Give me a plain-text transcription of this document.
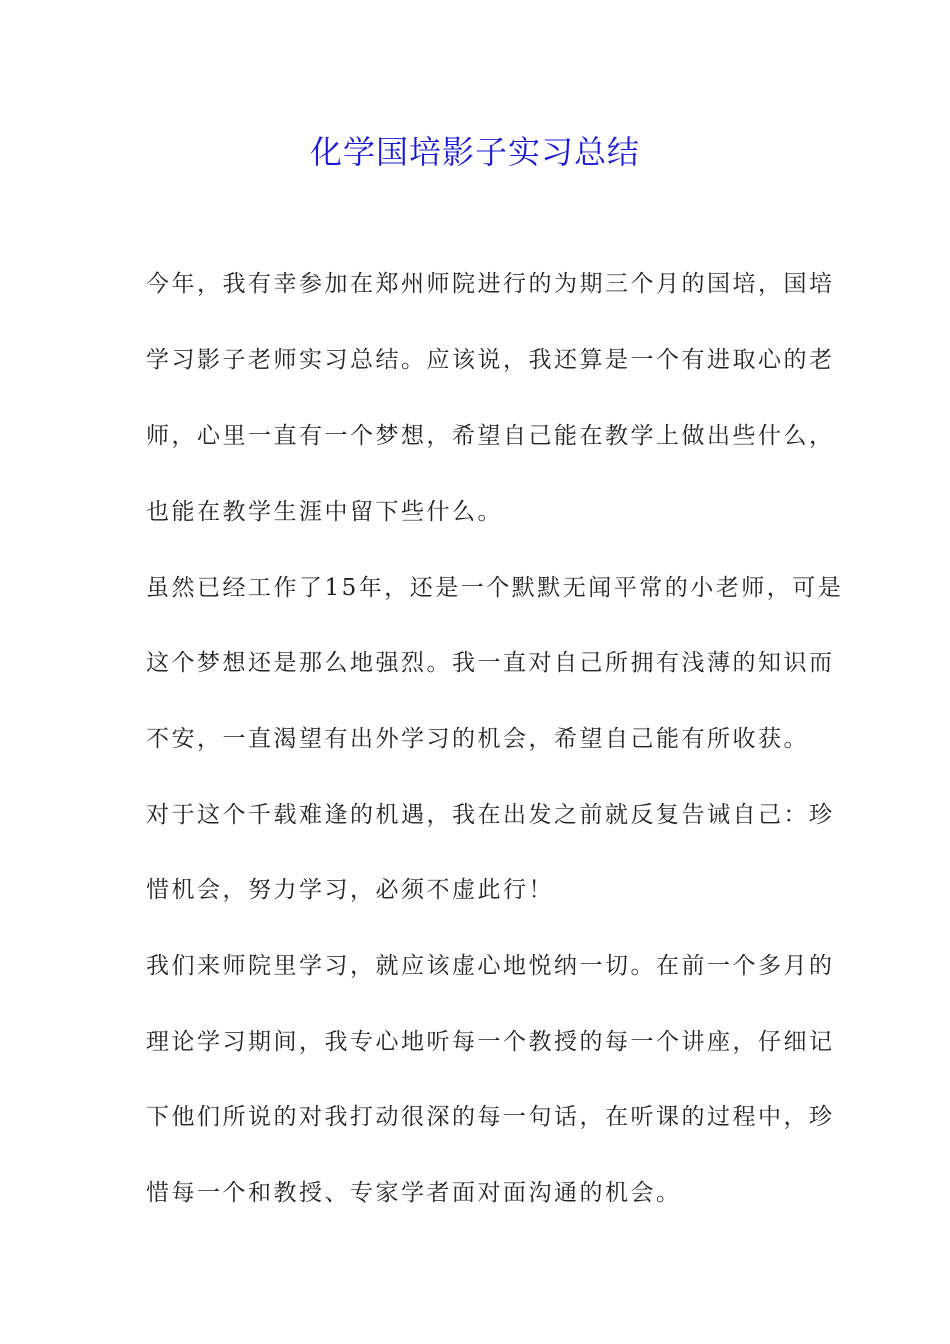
化学国培影子实习总结
今年，我有幸参加在郑州师院进行的为期三个月的国培，国培
学习影子老师实习总结。应该说，我还算是一个有进取心的老
师，心里一直有一个梦想，希望自己能在教学上做出些什么，
也能在教学生涯中留下些什么。
虽然已经工作了15年，还是一个默默无闻平常的小老师，可是
这个梦想还是那么地强烈。我一直对自己所拥有浅薄的知识而
不安，一直渴望有出外学习的机会，希望自己能有所收获。
对于这个千载难逢的机遇，我在出发之前就反复告诫自己：珍
惜机会，努力学习，必须不虚此行！
我们来师院里学习，就应该虚心地悦纳一切。在前一个多月的
理论学习期间，我专心地听每一个教授的每一个讲座，仔细记
下他们所说的对我打动很深的每一句话，在听课的过程中，珍
惜每一个和教授、专家学者面对面沟通的机会。
